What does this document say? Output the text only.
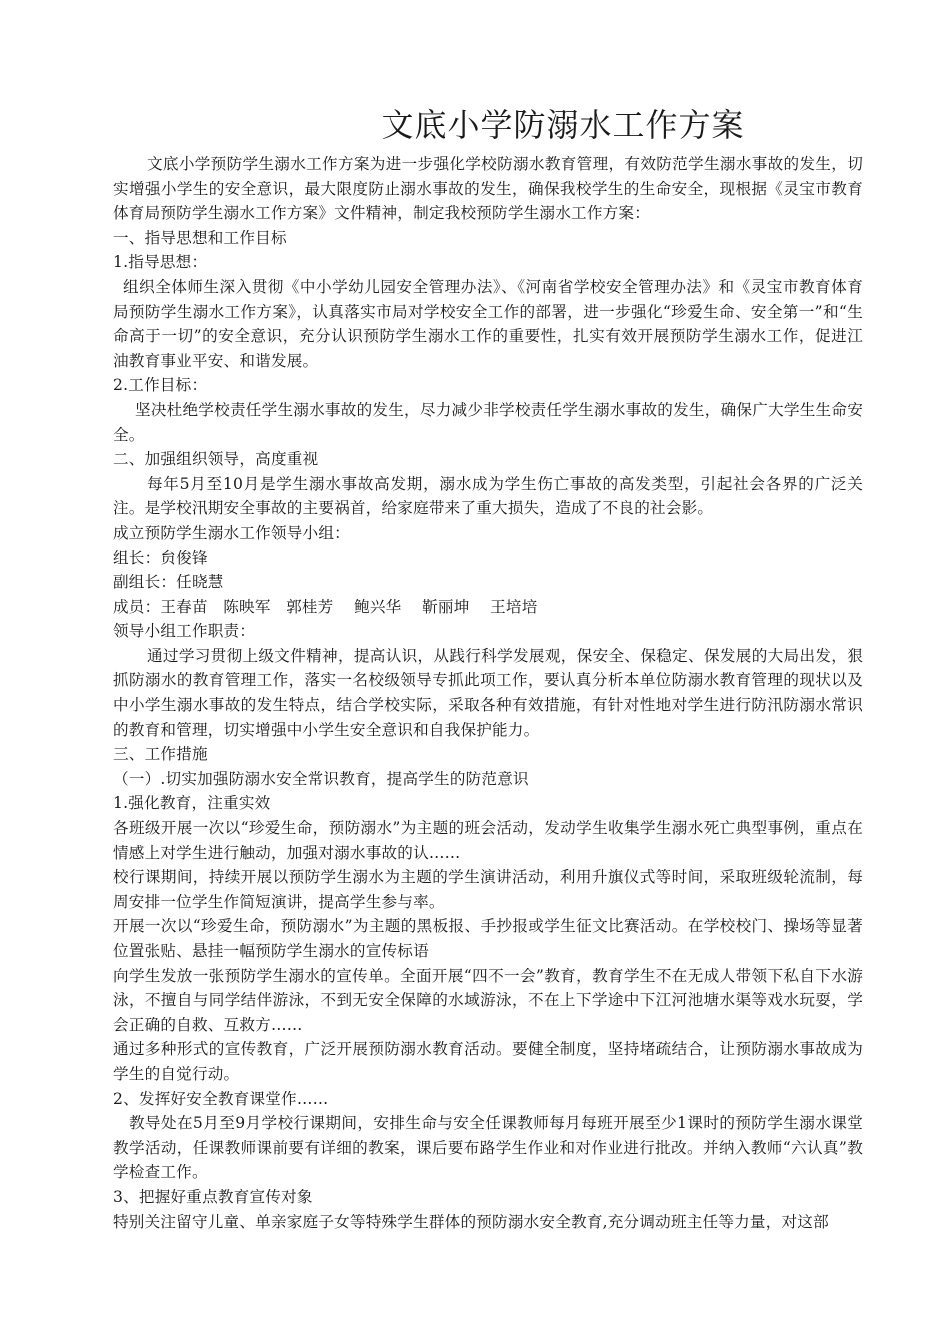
文底小学防溺水工作方案

文底小学预防学生溺水工作方案为进一步强化学校防溺水教育管理，有效防范学生溺水事故的发生，切实增强小学生的安全意识，最大限度防止溺水事故的发生，确保我校学生的生命安全，现根据《灵宝市教育体育局预防学生溺水工作方案》文件精神，制定我校预防学生溺水工作方案：

一、指导思想和工作目标

1.指导思想：

组织全体师生深入贯彻《中小学幼儿园安全管理办法》、《河南省学校安全管理办法》和《灵宝市教育体育局预防学生溺水工作方案》，认真落实市局对学校安全工作的部署，进一步强化“珍爱生命、安全第一”和“生命高于一切”的安全意识，充分认识预防学生溺水工作的重要性，扎实有效开展预防学生溺水工作，促进江油教育事业平安、和谐发展。

2.工作目标：

坚决杜绝学校责任学生溺水事故的发生，尽力减少非学校责任学生溺水事故的发生，确保广大学生生命安全。

二、加强组织领导，高度重视

每年5月至10月是学生溺水事故高发期，溺水成为学生伤亡事故的高发类型，引起社会各界的广泛关注。是学校汛期安全事故的主要祸首，给家庭带来了重大损失，造成了不良的社会影。

成立预防学生溺水工作领导小组：

组长：贠俊锋

副组长：任晓慧

成员：王春苗   陈映军   郭桂芳    鲍兴华    靳丽坤    王培培

领导小组工作职责：

通过学习贯彻上级文件精神，提高认识，从践行科学发展观，保安全、保稳定、保发展的大局出发，狠抓防溺水的教育管理工作，落实一名校级领导专抓此项工作，要认真分析本单位防溺水教育管理的现状以及中小学生溺水事故的发生特点，结合学校实际，采取各种有效措施，有针对性地对学生进行防汛防溺水常识的教育和管理，切实增强中小学生安全意识和自我保护能力。

三、工作措施

（一）.切实加强防溺水安全常识教育，提高学生的防范意识

1.强化教育，注重实效

各班级开展一次以“珍爱生命，预防溺水”为主题的班会活动，发动学生收集学生溺水死亡典型事例，重点在情感上对学生进行触动，加强对溺水事故的认……

校行课期间，持续开展以预防学生溺水为主题的学生演讲活动，利用升旗仪式等时间，采取班级轮流制，每周安排一位学生作简短演讲，提高学生参与率。

开展一次以“珍爱生命，预防溺水”为主题的黑板报、手抄报或学生征文比赛活动。在学校校门、操场等显著位置张贴、悬挂一幅预防学生溺水的宣传标语

向学生发放一张预防学生溺水的宣传单。全面开展“四不一会”教育，教育学生不在无成人带领下私自下水游泳，不擅自与同学结伴游泳，不到无安全保障的水域游泳，不在上下学途中下江河池塘水渠等戏水玩耍，学会正确的自救、互救方……

通过多种形式的宣传教育，广泛开展预防溺水教育活动。要健全制度，坚持堵疏结合，让预防溺水事故成为学生的自觉行动。

2、发挥好安全教育课堂作……

教导处在5月至9月学校行课期间，安排生命与安全任课教师每月每班开展至少1课时的预防学生溺水课堂教学活动，任课教师课前要有详细的教案，课后要布路学生作业和对作业进行批改。并纳入教师“六认真”教学检查工作。

3、把握好重点教育宣传对象

特别关注留守儿童、单亲家庭子女等特殊学生群体的预防溺水安全教育,充分调动班主任等力量，对这部
